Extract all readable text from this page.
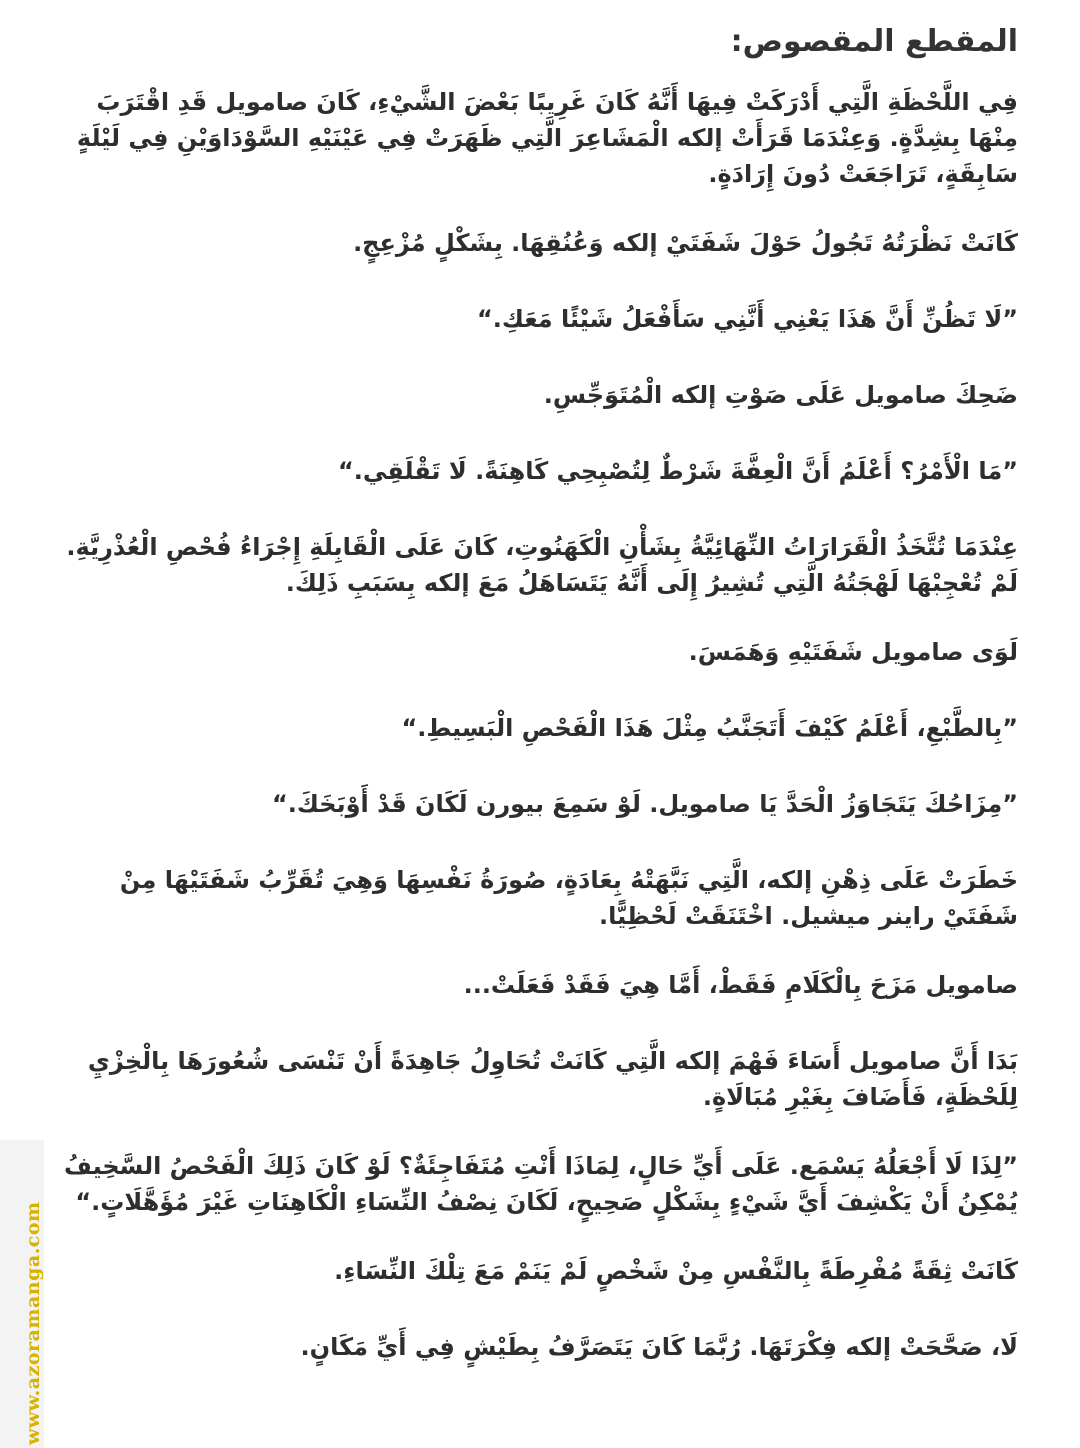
المقطع المقصوص:

فِي اللَّحْظَةِ الَّتِي أَدْرَكَتْ فِيهَا أَنَّهُ كَانَ غَرِيبًا بَعْضَ الشَّيْءِ، كَانَ صامويل قَدِ اقْتَرَبَ مِنْهَا بِشِدَّةٍ. وَعِنْدَمَا قَرَأَتْ إلكه الْمَشَاعِرَ الَّتِي ظَهَرَتْ فِي عَيْنَيْهِ السَّوْدَاوَيْنِ فِي لَيْلَةٍ سَابِقَةٍ، تَرَاجَعَتْ دُونَ إِرَادَةٍ.

كَانَتْ نَظْرَتُهُ تَجُولُ حَوْلَ شَفَتَيْ إلكه وَعُنُقِهَا. بِشَكْلٍ مُزْعِجٍ.

”لَا تَظُنِّ أَنَّ هَذَا يَعْنِي أَنَّنِي سَأَفْعَلُ شَيْئًا مَعَكِ.“

ضَحِكَ صامويل عَلَى صَوْتِ إلكه الْمُتَوَجِّسِ.

”مَا الْأَمْرُ؟ أَعْلَمُ أَنَّ الْعِفَّةَ شَرْطٌ لِتُصْبِحِي كَاهِنَةً. لَا تَقْلَقِي.“

عِنْدَمَا تُتَّخَذُ الْقَرَارَاتُ النِّهَائِيَّةُ بِشَأْنِ الْكَهَنُوتِ، كَانَ عَلَى الْقَابِلَةِ إِجْرَاءُ فُحْصِ الْعُذْرِيَّةِ. لَمْ تُعْجِبْهَا لَهْجَتُهُ الَّتِي تُشِيرُ إِلَى أَنَّهُ يَتَسَاهَلُ مَعَ إلكه بِسَبَبِ ذَلِكَ.

لَوَى صامويل شَفَتَيْهِ وَهَمَسَ.

”بِالطَّبْعِ، أَعْلَمُ كَيْفَ أَتَجَنَّبُ مِثْلَ هَذَا الْفَحْصِ الْبَسِيطِ.“

”مِزَاحُكَ يَتَجَاوَزُ الْحَدَّ يَا صامويل. لَوْ سَمِعَ بيورن لَكَانَ قَدْ أَوْبَخَكَ.“

خَطَرَتْ عَلَى ذِهْنِ إلكه، الَّتِي نَبَّهَتْهُ بِعَادَةٍ، صُورَةُ نَفْسِهَا وَهِيَ تُقَرِّبُ شَفَتَيْهَا مِنْ شَفَتَيْ راينر ميشيل. اخْتَنَقَتْ لَحْظِيًّا.

صامويل مَزَحَ بِالْكَلَامِ فَقَطْ، أَمَّا هِيَ فَقَدْ فَعَلَتْ...

بَدَا أَنَّ صامويل أَسَاءَ فَهْمَ إلكه الَّتِي كَانَتْ تُحَاوِلُ جَاهِدَةً أَنْ تَنْسَى شُعُورَهَا بِالْخِزْيِ لِلَحْظَةٍ، فَأَضَافَ بِغَيْرِ مُبَالَاةٍ.

”لِذَا لَا أَجْعَلُهُ يَسْمَع. عَلَى أَيِّ حَالٍ، لِمَاذَا أَنْتِ مُتَفَاجِئَةٌ؟ لَوْ كَانَ ذَلِكَ الْفَحْصُ السَّخِيفُ يُمْكِنُ أَنْ يَكْشِفَ أَيَّ شَيْءٍ بِشَكْلٍ صَحِيحٍ، لَكَانَ نِصْفُ النِّسَاءِ الْكَاهِنَاتِ غَيْرَ مُؤَهَّلَاتٍ.“

كَانَتْ ثِقَةً مُفْرِطَةً بِالنَّفْسِ مِنْ شَخْصٍ لَمْ يَنَمْ مَعَ تِلْكَ النِّسَاءِ.

لَا، صَحَّحَتْ إلكه فِكْرَتَهَا. رُبَّمَا كَانَ يَتَصَرَّفُ بِطَيْشٍ فِي أَيِّ مَكَانٍ.

www.azoramanga.com
